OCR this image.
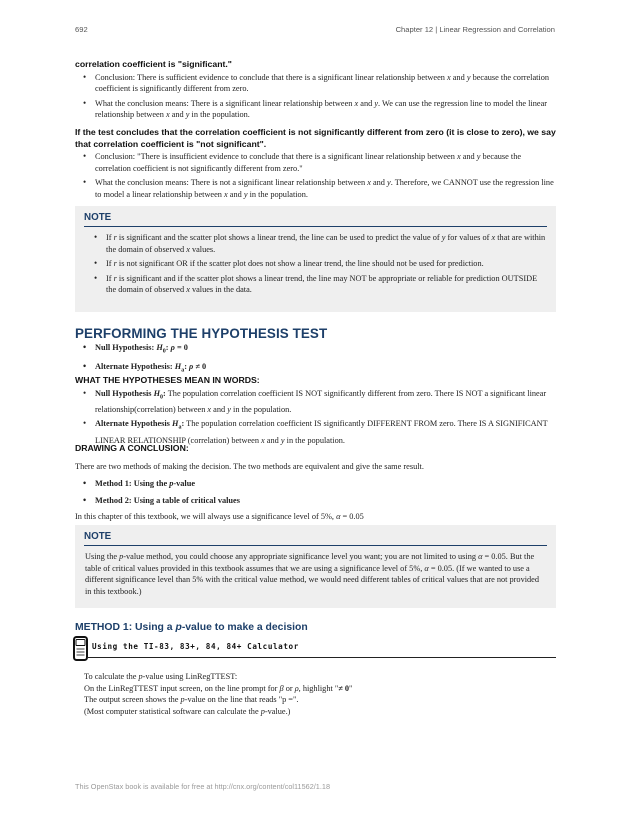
692	Chapter 12 | Linear Regression and Correlation
correlation coefficient is "significant."
• Conclusion: There is sufficient evidence to conclude that there is a significant linear relationship between x and y because the correlation coefficient is significantly different from zero.
• What the conclusion means: There is a significant linear relationship between x and y. We can use the regression line to model the linear relationship between x and y in the population.
If the test concludes that the correlation coefficient is not significantly different from zero (it is close to zero), we say that correlation coefficient is "not significant".
• Conclusion: "There is insufficient evidence to conclude that there is a significant linear relationship between x and y because the correlation coefficient is not significantly different from zero."
• What the conclusion means: There is not a significant linear relationship between x and y. Therefore, we CANNOT use the regression line to model a linear relationship between x and y in the population.
NOTE
• If r is significant and the scatter plot shows a linear trend, the line can be used to predict the value of y for values of x that are within the domain of observed x values.
• If r is not significant OR if the scatter plot does not show a linear trend, the line should not be used for prediction.
• If r is significant and if the scatter plot shows a linear trend, the line may NOT be appropriate or reliable for prediction OUTSIDE the domain of observed x values in the data.
PERFORMING THE HYPOTHESIS TEST
• Null Hypothesis: $H_0$: ρ = 0
• Alternate Hypothesis: $H_a$: ρ ≠ 0
WHAT THE HYPOTHESES MEAN IN WORDS:
• Null Hypothesis $H_0$: The population correlation coefficient IS NOT significantly different from zero. There IS NOT a significant linear relationship(correlation) between x and y in the population.
• Alternate Hypothesis $H_a$: The population correlation coefficient IS significantly DIFFERENT FROM zero. There IS A SIGNIFICANT LINEAR RELATIONSHIP (correlation) between x and y in the population.
DRAWING A CONCLUSION:
There are two methods of making the decision. The two methods are equivalent and give the same result.
• Method 1: Using the p-value
• Method 2: Using a table of critical values
In this chapter of this textbook, we will always use a significance level of 5%, α = 0.05
NOTE
Using the p-value method, you could choose any appropriate significance level you want; you are not limited to using α = 0.05. But the table of critical values provided in this textbook assumes that we are using a significance level of 5%, α = 0.05. (If we wanted to use a different significance level than 5% with the critical value method, we would need different tables of critical values that are not provided in this textbook.)
METHOD 1: Using a p-value to make a decision
Using the TI-83, 83+, 84, 84+ Calculator
To calculate the p-value using LinRegTTEST:
On the LinRegTTEST input screen, on the line prompt for β or ρ, highlight "≠ 0"
The output screen shows the p-value on the line that reads "p =".
(Most computer statistical software can calculate the p-value.)
This OpenStax book is available for free at http://cnx.org/content/col11562/1.18
